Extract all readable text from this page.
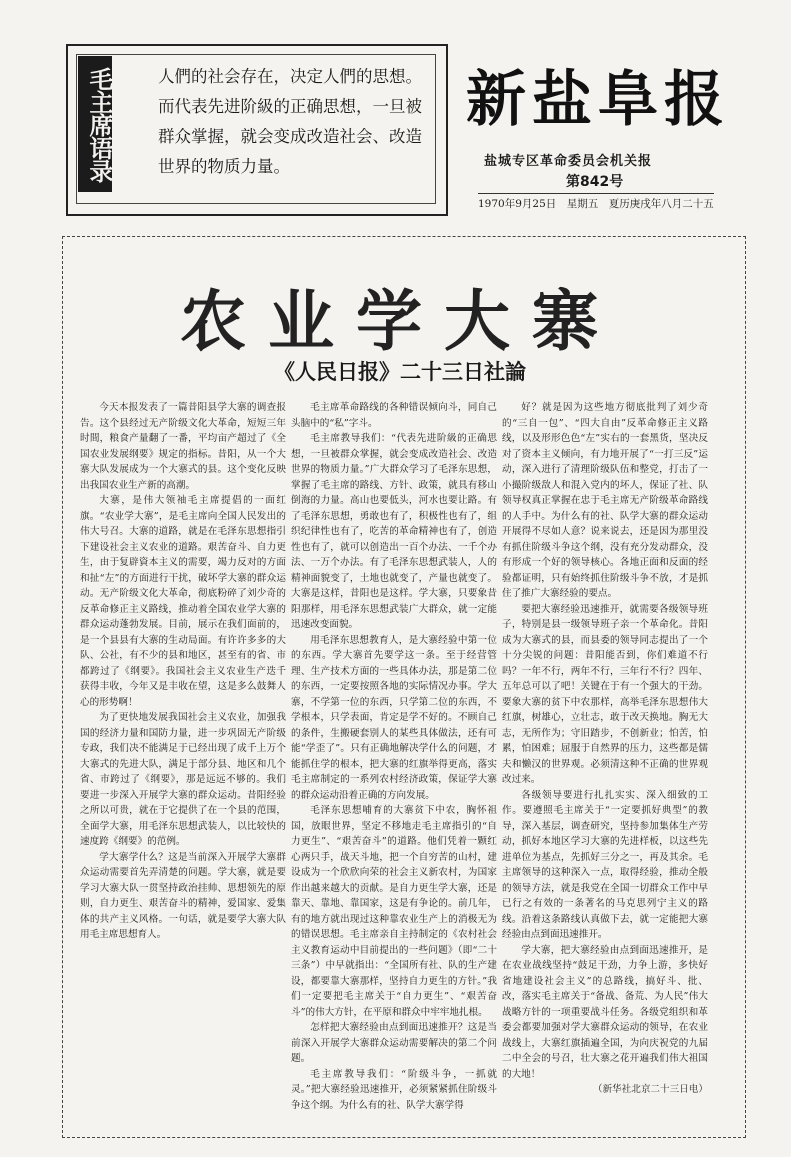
毛主席语录	人們的社会存在，决定人們的思想。而代表先进阶級的正确思想，一旦被群众掌握，就会变成改造社会、改造世界的物质力量。
新盐阜报
盐城专区革命委员会机关报
第842号
1970年9月25日　星期五　夏历庚戌年八月二十五
农业学大寨
《人民日报》二十三日社論

今天本报发表了一篇昔阳县学大寨的调查报告。这个县经过无产阶级文化大革命，短短三年时間，粮食产量翻了一番，平均亩产超过了《全国农业发展纲要》规定的指标。昔阳，从一个大寨大队发展成为一个大寨式的县。这个变化反映出我国农业生产新的高潮。

大寨，是伟大领袖毛主席提倡的一面红旗。“农业学大寨”，是毛主席向全国人民发出的伟大号召。大寨的道路，就是在毛泽东思想指引下建设社会主义农业的道路。艰苦奋斗、自力更生，由于复辟資本主义的需要，竭力反对的方面和扯“左”的方面进行干扰，破坏学大寨的群众运动。无产阶级文化大革命，彻底粉碎了刘少奇的反革命修正主义路线，推动着全国农业学大寨的群众运动蓬勃发展。目前，展示在我们面前的，是一个县县有大寨的生动局面。有许许多多的大队、公社，有不少的县和地区，甚至有的省、市都跨过了《纲要》。我国社会主义农业生产迭千获得丰收，今年又是丰收在望，这是多么鼓舞人心的形势啊！

为了更快地发展我国社会主义农业，加强我国的经济力量和国防力量，进一步巩固无产阶级专政，我们决不能满足于已经出现了成千上万个大寨式的先进大队，满足于部分县、地区和几个省、市跨过了《纲要》，那是远远不够的。我们要进一步深入开展学大寨的群众运动。昔阳经验之所以可贵，就在于它提供了在一个县的范围，全面学大寨，用毛泽东思想武装人，以比较快的速度跨《纲要》的范例。

学大寨学什么？这是当前深入开展学大寨群众运动需要首先弄清楚的问题。学大寨，就是要学习大寨大队一贯坚持政治挂帅、思想领先的原则，自力更生、艰苦奋斗的精神，爱国家、爱集体的共产主义风格。一句话，就是要学大寨大队用毛主席思想育人。

毛主席革命路线的各种错误倾向斗，同自己头脑中的“私”字斗。

毛主席教导我们：“代表先进阶級的正确思想，一旦被群众掌握，就会变成改造社会、改造世界的物质力量。”广大群众学习了毛泽东思想，掌握了毛主席的路线、方针、政策，就具有移山倒海的力量。高山也要低头，河水也要让路。有了毛泽东思想，勇敢也有了，积极性也有了，组织纪律性也有了，吃苦的革命精神也有了，创造性也有了，就可以创造出一百个办法、一千个办法、一万个办法。有了毛泽东思想武装人，人的精神面貌变了，土地也就变了，产量也就变了。大寨是这样，昔阳也是这样。学大寨，只要象昔阳那样，用毛泽东思想武装广大群众，就一定能迅速改变面貌。

用毛泽东思想教育人，是大寨经验中第一位的东西。学大寨首先要学这一条。至于经营管理、生产技术方面的一些具体办法，那是第二位的东西，一定要按照各地的实际情况办事。学大寨，不学第一位的东西，只学第二位的东西，不学根本，只学表面，肯定是学不好的。不顾自己的条件，生搬硬套别人的某些具体做法，还有可能“学歪了”。只有正确地解决学什么的问题，才能抓住学的根本，把大寨的红旗举得更高，落实毛主席制定的一系列农村经济政策，保证学大寨的群众运动沿着正确的方向发展。

毛泽东思想哺育的大寨贫下中农，胸怀祖国，放眼世界，坚定不移地走毛主席指引的“自力更生”、“艰苦奋斗”的道路。他们凭着一颗红心两只手，战天斗地，把一个自穷苦的山村，建设成为一个欣欣向荣的社会主义新农村，为国家作出越来越大的贡献。是自力更生学大寨，还是靠天、靠地、靠国家，这是有争论的。前几年，有的地方就出现过这种靠农业生产上的消极无为的错误思想。毛主席亲自主持制定的《农村社会主义教育运动中目前提出的一些问题》（即“二十三条”）中早就指出：“全国所有社、队的生产建设，都要靠大寨那样，坚持自力更生的方针。”我们一定要把毛主席关于“自力更生”、“艰苦奋斗”的伟大方针，在平原和群众中牢牢地扎根。

怎样把大寨经验由点到面迅速推开？这是当前深入开展学大寨群众运动需要解决的第二个问题。

毛主席教导我们：“阶级斗争，一抓就灵。”把大寨经验迅速推开，必须紧紧抓住阶级斗争这个纲。为什么有的社、队学大寨学得

好？就是因为这些地方彻底批判了刘少奇的“三自一包”、“四大自由”反革命修正主义路线，以及形形色色“左”实右的一套黑货，坚决反对了资本主义倾向，有力地开展了“一打三反”运动，深入进行了清理阶级队伍和整党，打击了一小撮阶级敌人和混入党内的坏人，保证了社、队领导权真正掌握在忠于毛主席无产阶级革命路线的人手中。为什么有的社、队学大寨的群众运动开展得不尽如人意？说来说去，还是因为那里没有抓住阶级斗争这个纲，没有充分发动群众，没有形成一个好的领导核心。各地正面和反面的经验都证明，只有始终抓住阶级斗争不放，才是抓住了推广大寨经验的要点。

要把大寨经验迅速推开，就需要各级领导班子，特别是县一级领导班子亲一个革命化。昔阳成为大寨式的县，而县委的领导同志提出了一个十分尖锐的问题：昔阳能否到，你们难道不行吗？一年不行，两年不行，三年行不行？四年、五年总可以了吧！关键在于有一个强大的干劲。要象大寨的贫下中农那样，高举毛泽东思想伟大红旗，树雄心，立壮志，敢于改天换地。胸无大志，无所作为；守旧踏步，不创新业；怕苦，怕累，怕困难；屈服于自然界的压力，这些都是儒夫和懒汉的世界观。必须清这种不正确的世界观改过来。

各级领导要进行扎扎实实、深入细致的工作。要遵照毛主席关于“一定要抓好典型”的教导，深入基层，调查研究，坚持参加集体生产劳动，抓好本地区学习大寨的先进样板，以这些先进单位为基点，先抓好三分之一，再及其余。毛主席领导的这种深入一点，取得经验，推动全般的领导方法，就是我党在全国一切群众工作中早已行之有效的一条著名的马克思列宁主义的路线。沿着这条路线认真做下去，就一定能把大寨经验由点到面迅速推开。

学大寨，把大寨经验由点到面迅速推开，是在农业战线坚持“鼓足干劲，力争上游，多快好省地建设社会主义”的总路线，搞好斗、批、改，落实毛主席关于“备战、备荒、为人民”伟大战略方针的一项重要战斗任务。各级党组织和革委会都要加强对学大寨群众运动的领导，在农业战线上，大寨红旗插遍全国，为向庆祝党的九届二中全会的号召，壮大寨之花开遍我们伟大祖国的大地！

（新华社北京二十三日电）
